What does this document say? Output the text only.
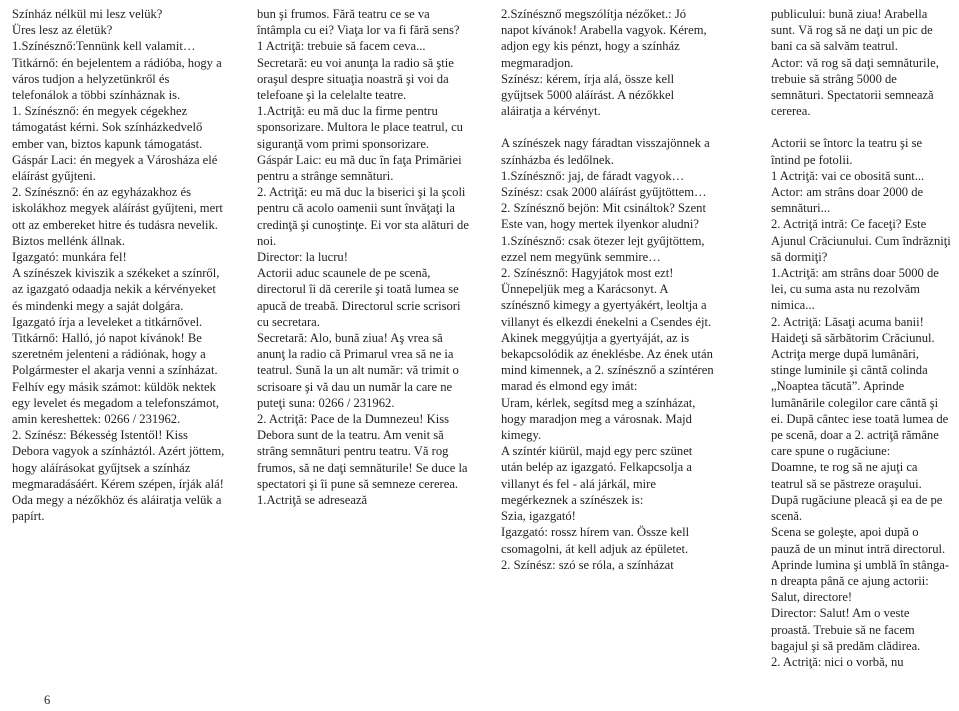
Színház nélkül mi lesz velük?

Üres lesz az életük?

1.Színésznő:Tennünk kell valamit…

Titkárnő: én bejelentem a rádióba, hogy a város tudjon a helyzetünkről és telefonálok a többi színháznak is.

1. Színésznő: én megyek cégekhez támogatást kérni. Sok színházkedvelő ember van, biztos kapunk támogatást.

Gáspár Laci: én megyek a Városháza elé eláírást gyűjteni.

2. Színésznő: én az egyházakhoz és iskolákhoz megyek aláírást gyűjteni, mert ott az embereket hitre és tudásra nevelik. Biztos mellénk állnak.

Igazgató: munkára fel!

A színészek kiviszik a székeket a színről, az igazgató odaadja nekik a kérvényeket és mindenki megy a saját dolgára. Igazgató írja a leveleket a titkárnővel.

Titkárnő: Halló, jó napot kívánok! Be szeretném jelenteni a rádiónak, hogy a Polgármester el akarja venni a színházat. Felhív egy másik számot: küldök nektek egy levelet és megadom a telefonszámot, amin kereshettek: 0266 / 231962.

2. Színész: Békesség Istentől! Kiss Debora vagyok a színháztól. Azért jöttem, hogy aláírásokat gyűjtsek a színház megmaradásáért. Kérem szépen, írják alá! Oda megy a nézőkhöz és aláiratja velük a papírt.

bun şi frumos. Fără teatru ce se va întâmpla cu ei? Viaţa lor va fi fără sens?

1 Actriţă: trebuie să facem ceva...

Secretară: eu voi anunţa la radio să ştie oraşul despre situaţia noastră şi voi da telefoane şi la celelalte teatre.

1.Actriţă: eu mă duc la firme pentru sponsorizare. Multora le place teatrul, cu siguranţă vom primi sponsorizare.

Gáspár Laic: eu mă duc în faţa Primăriei pentru a strânge semnături.

2. Actriţă: eu mă duc la biserici şi la şcoli pentru că acolo oamenii sunt învăţaţi la credinţă şi cunoştinţe. Ei vor sta alături de noi.

Director: la lucru!

Actorii aduc scaunele de pe scenă, directorul îi dă cererile şi toată lumea se apucă de treabă. Directorul scrie scrisori cu secretara.

Secretară: Alo, bună ziua! Aş vrea să anunţ la radio că Primarul vrea să ne ia teatrul. Sună la un alt număr: vă trimit o scrisoare şi vă dau un număr la care ne puteţi suna: 0266 / 231962.

2. Actriţă: Pace de la Dumnezeu! Kiss Debora sunt de la teatru. Am venit să strâng semnături pentru teatru. Vă rog frumos, să ne daţi semnăturile! Se duce la spectatori şi îi pune să semneze cererea.

1.Actriţă se adresează

2.Színésznő megszólítja nézőket.: Jó napot kívánok! Arabella vagyok. Kérem, adjon egy kis pénzt, hogy a színház megmaradjon.

Színész: kérem, írja alá, össze kell gyűjtsek 5000 aláírást. A nézőkkel aláiratja a kérvényt.

A színészek nagy fáradtan visszajönnek a színházba és ledőlnek.

1.Színésznő: jaj, de fáradt vagyok…

Színész: csak 2000 aláírást gyűjtöttem…

2. Színésznő bejön: Mit csináltok? Szent Este van, hogy mertek ilyenkor aludni?

1.Színésznő: csak ötezer lejt gyűjtöttem, ezzel nem megyünk semmire…

2. Színésznő: Hagyjátok most ezt! Ünnepeljük meg a Karácsonyt. A színésznő kimegy a gyertyákért, leoltja a villanyt és elkezdi énekelni a Csendes éjt. Akinek meggyújtja a gyertyáját, az is bekapcsolódik az éneklésbe. Az ének után mind kimennek, a 2. színésznő a színtéren marad és elmond egy imát:

Uram, kérlek, segítsd meg a színházat, hogy maradjon meg a városnak. Majd kimegy.

A színtér kiürül, majd egy perc szünet után belép az igazgató. Felkapcsolja a villanyt és fel - alá járkál, mire megérkeznek a színészek is:

Szia, igazgató!

Igazgató: rossz hírem van. Össze kell csomagolni, át kell adjuk az épületet.

2. Színész: szó se róla, a színházat

publicului: bună ziua! Arabella sunt. Vă rog să ne daţi un pic de bani ca să salvăm teatrul.

Actor: vă rog să daţi semnăturile, trebuie să strâng 5000 de semnături. Spectatorii semnează cererea.

Actorii se întorc la teatru şi se întind pe fotolii.

1 Actriţă: vai ce obosită sunt...

Actor: am strâns doar 2000 de semnături...

2. Actriţă intră: Ce faceţi? Este Ajunul Crăciunului. Cum îndrăzniţi să dormiţi?

1.Actriţă: am strâns doar 5000 de lei, cu suma asta nu rezolvăm nimica...

2. Actriţă: Lăsaţi acuma banii! Haideţi să sărbătorim Crăciunul. Actriţa merge după lumânări, stinge luminile şi cântă colinda „Noaptea tăcută”. Aprinde lumânările colegilor care cântă şi ei. După cântec iese toată lumea de pe scenă, doar a 2. actriţă rămâne care spune o rugăciune:

Doamne, te rog să ne ajuţi ca teatrul să se păstreze oraşului. După rugăciune pleacă şi ea de pe scenă.

Scena se goleşte, apoi după o pauză de un minut intră directorul. Aprinde lumina şi umblă în stânga-n dreapta până ce ajung actorii:

Salut, directore!

Director: Salut! Am o veste proastă. Trebuie să ne facem bagajul şi să predăm clădirea.

2. Actriţă: nici o vorbă, nu

6
